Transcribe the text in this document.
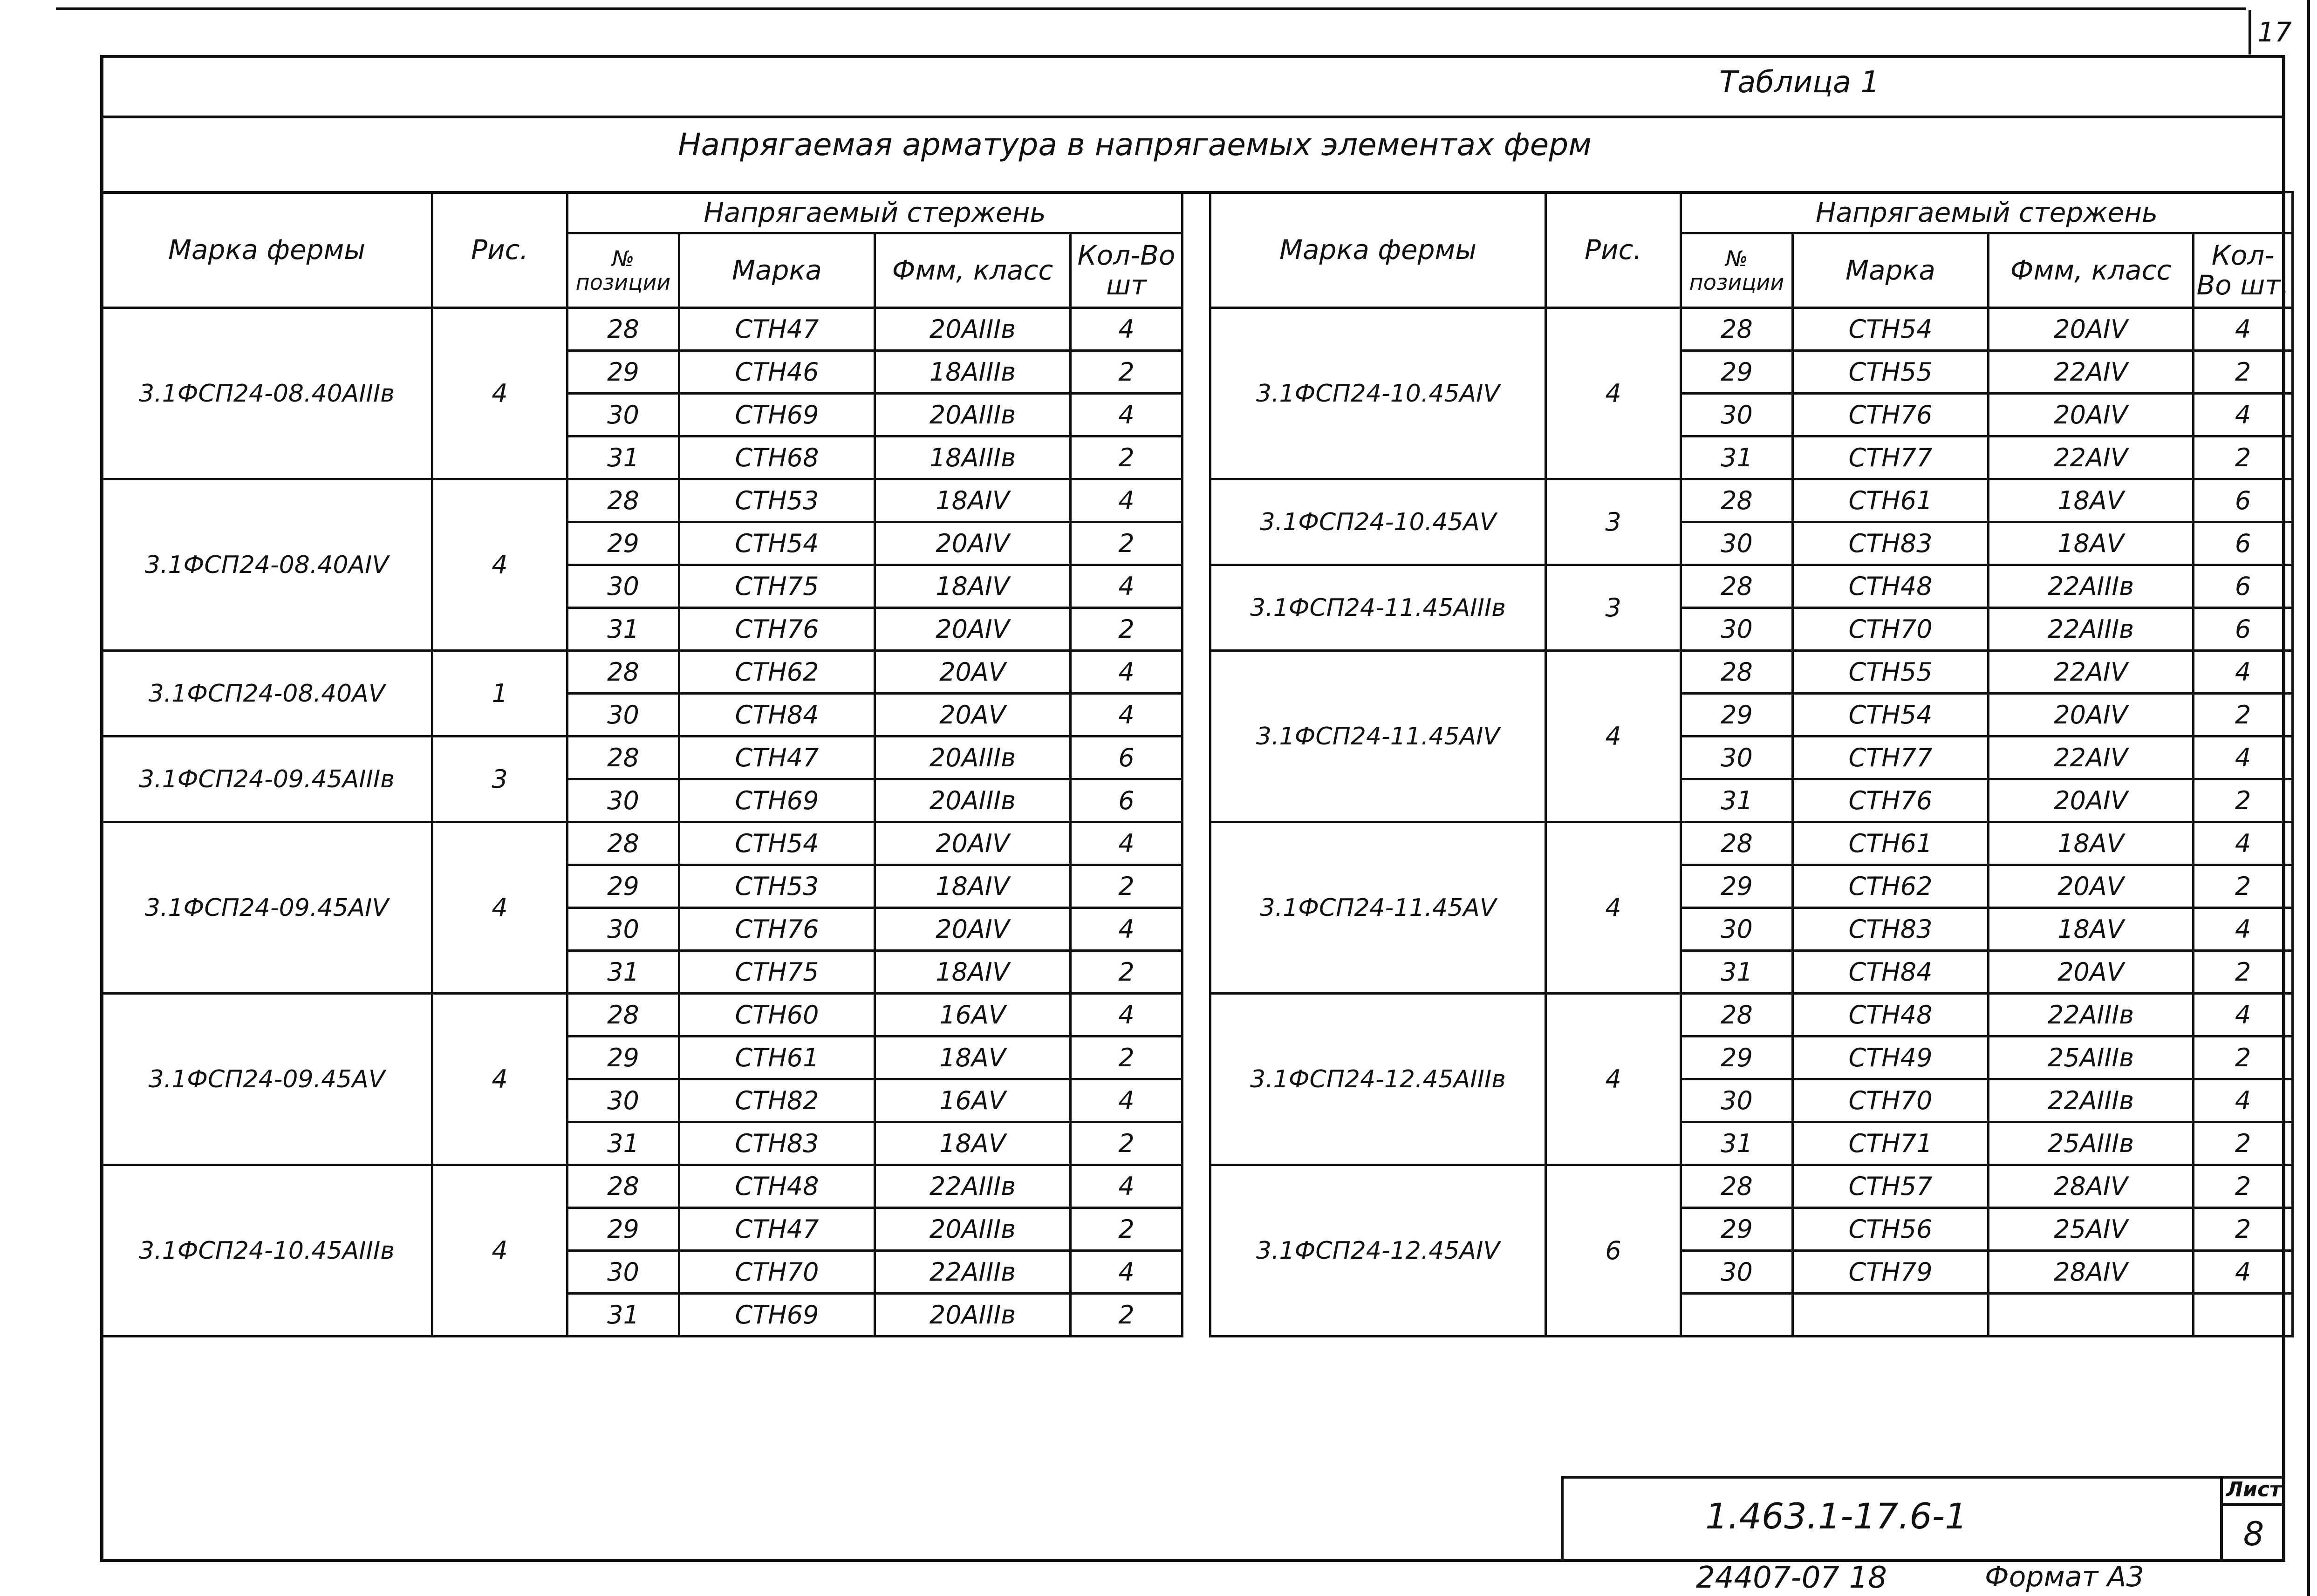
17
Таблица 1
Напрягаемая арматура в напрягаемых элементах ферм
Марка фермы	Рис.	Напрягаемый стержень			
		№ позиции	Марка	Фмм, класс	Кол-Во шт
3.1ФСП24-08.40АIIIв	4	28	СТН47	20АIIIв	4
		29	СТН46	18АIIIв	2
		30	СТН69	20АIIIв	4
		31	СТН68	18АIIIв	2
3.1ФСП24-08.40АIV	4	28	СТН53	18АIV	4
		29	СТН54	20АIV	2
		30	СТН75	18АIV	4
		31	СТН76	20АIV	2
3.1ФСП24-08.40АV	1	28	СТН62	20АV	4
		30	СТН84	20АV	4
3.1ФСП24-09.45АIIIв	3	28	СТН47	20АIIIв	6
		30	СТН69	20АIIIв	6
3.1ФСП24-09.45АIV	4	28	СТН54	20АIV	4
		29	СТН53	18АIV	2
		30	СТН76	20АIV	4
		31	СТН75	18АIV	2
3.1ФСП24-09.45АV	4	28	СТН60	16АV	4
		29	СТН61	18АV	2
		30	СТН82	16АV	4
		31	СТН83	18АV	2
3.1ФСП24-10.45АIIIв	4	28	СТН48	22АIIIв	4
		29	СТН47	20АIIIв	2
		30	СТН70	22АIIIв	4
		31	СТН69	20АIIIв	2
Марка фермы	Рис.	Напрягаемый стержень			
		№ позиции	Марка	Фмм, класс	Кол-Во шт.
3.1ФСП24-10.45АIV	4	28	СТН54	20АIV	4
		29	СТН55	22АIV	2
		30	СТН76	20АIV	4
		31	СТН77	22АIV	2
3.1ФСП24-10.45АV	3	28	СТН61	18АV	6
		30	СТН83	18АV	6
3.1ФСП24-11.45АIIIв	3	28	СТН48	22АIIIв	6
		30	СТН70	22АIIIв	6
3.1ФСП24-11.45АIV	4	28	СТН55	22АIV	4
		29	СТН54	20АIV	2
		30	СТН77	22АIV	4
		31	СТН76	20АIV	2
3.1ФСП24-11.45АV	4	28	СТН61	18АV	4
		29	СТН62	20АV	2
		30	СТН83	18АV	4
		31	СТН84	20АV	2
3.1ФСП24-12.45АIIIв	4	28	СТН48	22АIIIв	4
		29	СТН49	25АIIIв	2
		30	СТН70	22АIIIв	4
		31	СТН71	25АIIIв	2
3.1ФСП24-12.45АIV	6	28	СТН57	28АIV	2
		29	СТН56	25АIV	2
		30	СТН79	28АIV	4

1.463.1-17.6-1
Лист
8
24407-07 18	Формат А3
